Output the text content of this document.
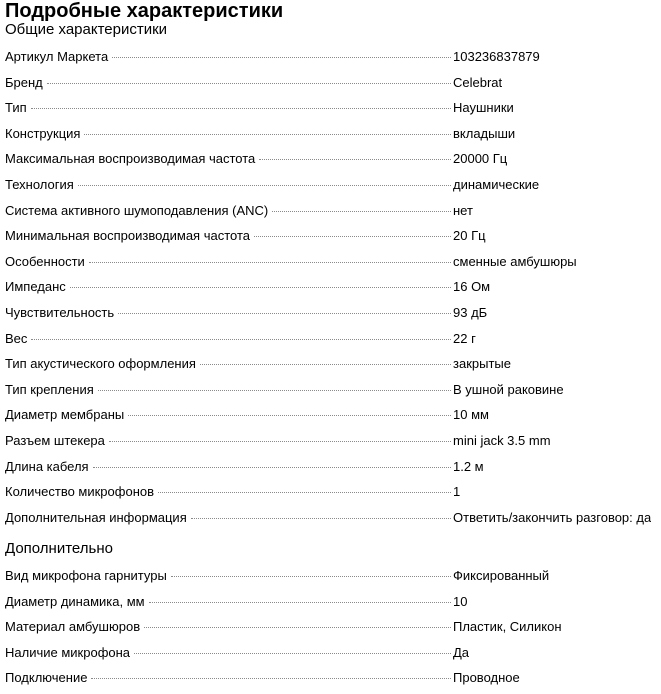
Подробные характеристики
Общие характеристики
Артикул Маркета	103236837879
Бренд	Celebrat
Тип	Наушники
Конструкция	вкладыши
Максимальная воспроизводимая частота	20000 Гц
Технология	динамические
Система активного шумоподавления (ANC)	нет
Минимальная воспроизводимая частота	20 Гц
Особенности	сменные амбушюры
Импеданс	16 Ом
Чувствительность	93 дБ
Вес	22 г
Тип акустического оформления	закрытые
Тип крепления	В ушной раковине
Диаметр мембраны	10 мм
Разъем штекера	mini jack 3.5 mm
Длина кабеля	1.2 м
Количество микрофонов	1
Дополнительная информация	Ответить/закончить разговор: да
Дополнительно
Вид микрофона гарнитуры	Фиксированный
Диаметр динамика, мм	10
Материал амбушюров	Пластик, Силикон
Наличие микрофона	Да
Подключение	Проводное
